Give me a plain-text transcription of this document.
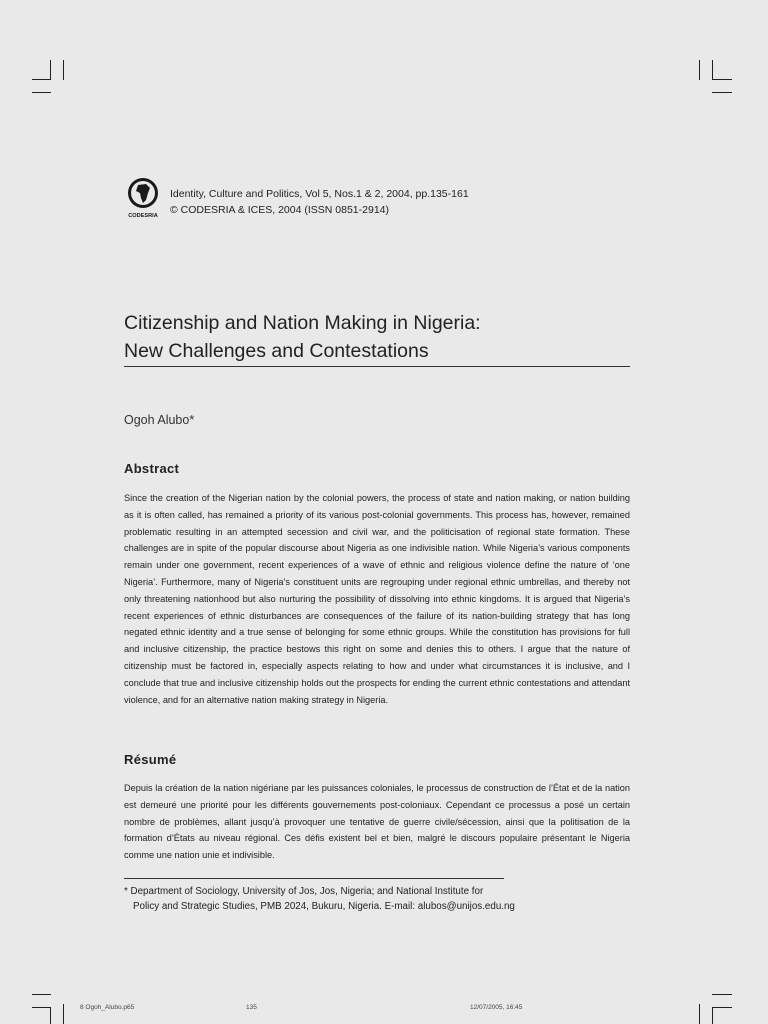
CODESRIA
Identity, Culture and Politics, Vol 5, Nos.1 & 2, 2004, pp.135-161
© CODESRIA & ICES, 2004 (ISSN 0851-2914)
Citizenship and Nation Making in Nigeria:
New Challenges and Contestations
Ogoh Alubo*
Abstract
Since the creation of the Nigerian nation by the colonial powers, the process of state and nation making, or nation building as it is often called, has remained a priority of its various post-colonial governments. This process has, however, remained problematic resulting in an attempted secession and civil war, and the politicisation of regional state formation. These challenges are in spite of the popular discourse about Nigeria as one indivisible nation. While Nigeria’s various components remain under one government, recent experiences of a wave of ethnic and religious violence define the nature of ‘one Nigeria’. Furthermore, many of Nigeria’s constituent units are regrouping under regional ethnic umbrellas, and thereby not only threatening nationhood but also nurturing the possibility of dissolving into ethnic kingdoms. It is argued that Nigeria’s recent experiences of ethnic disturbances are consequences of the failure of its nation-building strategy that has long negated ethnic identity and a true sense of belonging for some ethnic groups. While the constitution has provisions for full and inclusive citizenship, the practice bestows this right on some and denies this to others. I argue that the nature of citizenship must be factored in, especially aspects relating to how and under what circumstances it is inclusive, and I conclude that true and inclusive citizenship holds out the prospects for ending the current ethnic contestations and attendant violence, and for an alternative nation making strategy in Nigeria.
Résumé
Depuis la création de la nation nigériane par les puissances coloniales, le processus de construction de l’État et de la nation est demeuré une priorité pour les différents gouvernements post-coloniaux. Cependant ce processus a posé un certain nombre de problèmes, allant jusqu’à provoquer une tentative de guerre civile/sécession, ainsi que la politisation de la formation d’États au niveau régional. Ces défis existent bel et bien, malgré le discours populaire présentant le Nigeria comme une nation unie et indivisible.
* Department of Sociology, University of Jos, Jos, Nigeria; and National Institute for
Policy and Strategic Studies, PMB 2024, Bukuru, Nigeria. E-mail: alubos@unijos.edu.ng
8 Ogoh_Alubo.p65	135	12/07/2005, 16:45
